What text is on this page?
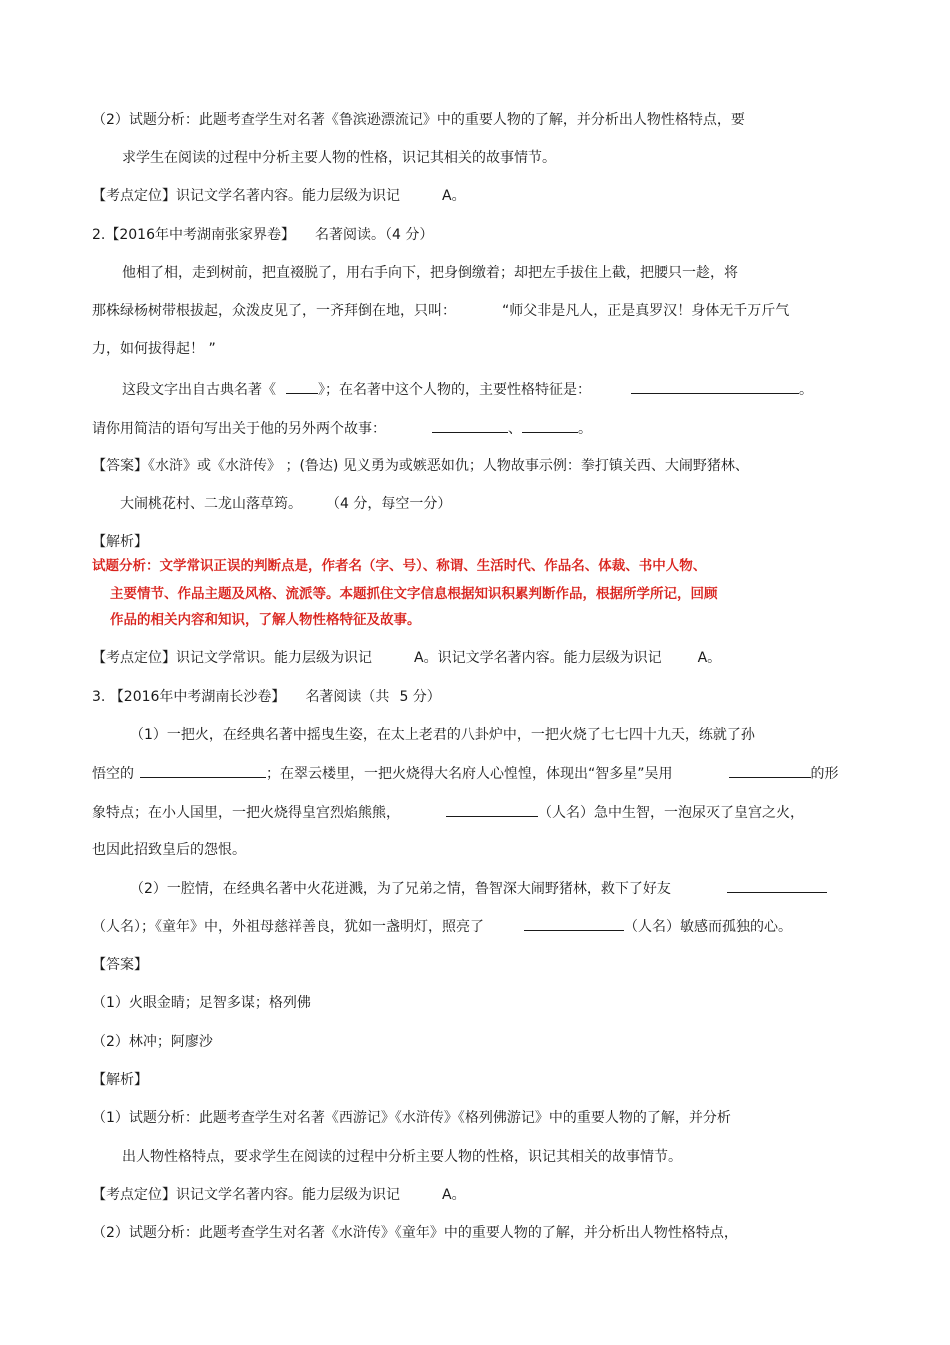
（2）试题分析：此题考查学生对名著《鲁滨逊漂流记》中的重要人物的了解，并分析出人物性格特点，要
求学生在阅读的过程中分析主要人物的性格，识记其相关的故事情节。
【考点定位】识记文学名著内容。能力层级为识记	A。
2.【2016年中考湖南张家界卷】 名著阅读。（4 分）
他相了相，走到树前，把直裰脱了，用右手向下，把身倒缴着；却把左手拔住上截，把腰只一趁，将
那株绿杨树带根拔起，众泼皮见了，一齐拜倒在地，只叫：	“师父非是凡人，正是真罗汉！身体无千万斤气
力，如何拔得起！ ”
这段文字出自古典名著《	》；在名著中这个人物的，主要性格特征是：	。
请你用简洁的语句写出关于他的另外两个故事：	、	。
【答案】《水浒》或《水浒传》 ；(鲁达) 见义勇为或嫉恶如仇；人物故事示例：拳打镇关西、大闹野猪林、
大闹桃花村、二龙山落草筠。 （4 分，每空一分）
【解析】
试题分析：文学常识正误的判断点是，作者名（字、号）、称谓、生活时代、作品名、体裁、书中人物、
主要情节、作品主题及风格、流派等。本题抓住文字信息根据知识积累判断作品，根据所学所记，回顾
作品的相关内容和知识，了解人物性格特征及故事。
【考点定位】识记文学常识。能力层级为识记	A。识记文学名著内容。能力层级为识记	A。
3. 【2016年中考湖南长沙卷】 名著阅读（共 5 分）
（1）一把火，在经典名著中摇曳生姿，在太上老君的八卦炉中，一把火烧了七七四十九天，练就了孙
悟空的	；在翠云楼里，一把火烧得大名府人心惶惶，体现出“智多星”吴用	的形
象特点；在小人国里，一把火烧得皇宫烈焰熊熊，	（人名）急中生智，一泡尿灭了皇宫之火，
也因此招致皇后的怨恨。
（2）一腔情，在经典名著中火花迸溅，为了兄弟之情，鲁智深大闹野猪林，救下了好友
（人名）；《童年》中，外祖母慈祥善良，犹如一盏明灯，照亮了	（人名）敏感而孤独的心。
【答案】
（1）火眼金睛；足智多谋；格列佛
（2）林冲；阿廖沙
【解析】
（1）试题分析：此题考查学生对名著《西游记》《水浒传》《格列佛游记》中的重要人物的了解，并分析
出人物性格特点，要求学生在阅读的过程中分析主要人物的性格，识记其相关的故事情节。
【考点定位】识记文学名著内容。能力层级为识记	A。
（2）试题分析：此题考查学生对名著《水浒传》《童年》中的重要人物的了解，并分析出人物性格特点，
